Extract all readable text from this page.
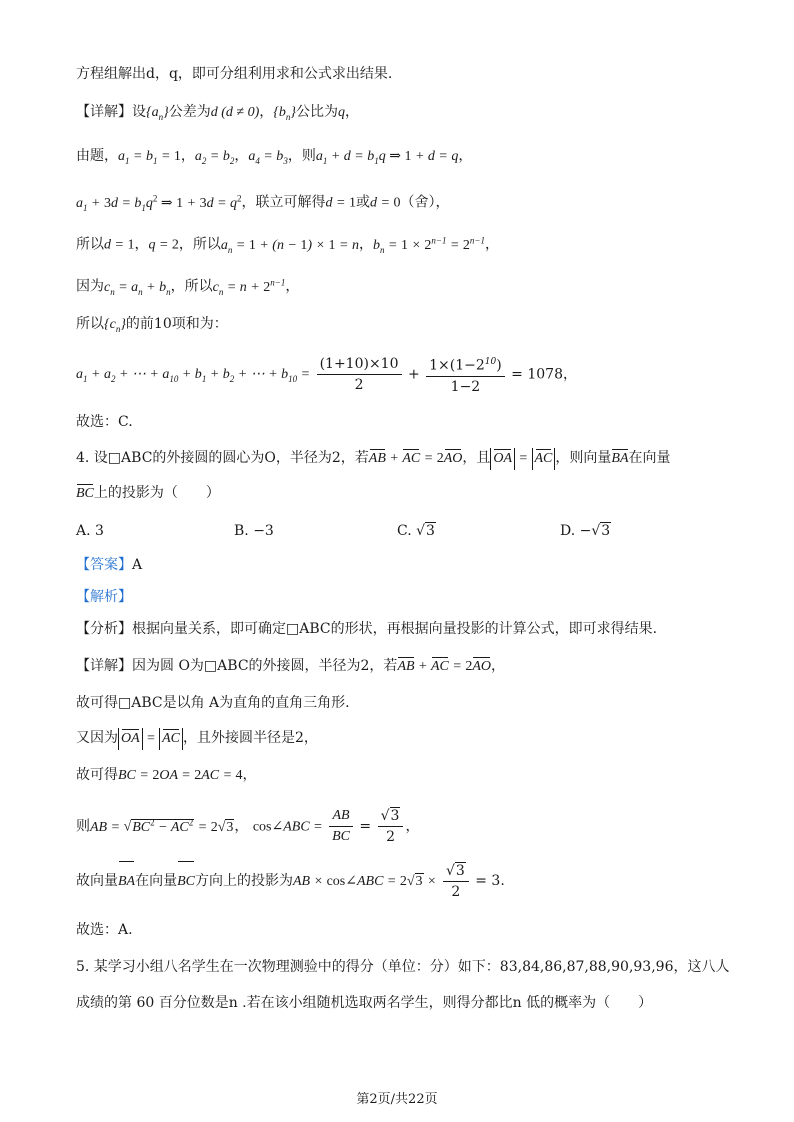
方程组解出d，q，即可分组利用求和公式求出结果.
【详解】设$\{a_n\}$公差为d (d ≠ 0)，$\{b_n\}$公比为q，
由题，$a_1 = b_1 = 1$，$a_2 = b_2$，$a_4 = b_3$，则$a_1 + d = b_1q$ ⇒ 1 + d = q，
$a_1 + 3d = b_1q^2$ ⇒ $1 + 3d = q^2$，联立可解得d = 1或d = 0（舍），
所以d = 1，q = 2，所以$a_n = 1 + (n - 1) \times 1 = n$，$b_n = 1 \times 2^{n-1} = 2^{n-1}$，
因为$c_n = a_n + b_n$，所以$c_n = n + 2^{n-1}$，
所以$\{c_n\}$的前10项和为：
$a_1 + a_2$ + ⋯ + $a_{10} + b_1 + b_2$ + ⋯ + $b_{10} = \frac{(1+10)\times 10}{2} + \frac{1\times(1-2^{10})}{1-2} = 1078$，
故选：C.
4. 设□ABC的外接圆的圆心为O，半径为2，若AB + AC = 2AO，且 OA = AC ，则向量BA在向量
BC上的投影为（　　）
A. 3	B. −3	C. √3	D. −√3
【答案】A
【解析】
【分析】根据向量关系，即可确定□ABC的形状，再根据向量投影的计算公式，即可求得结果.
【详解】因为圆 O为□ABC的外接圆，半径为2，若AB + AC = 2AO，
故可得□ABC是以角 A为直角的直角三角形.
又因为 OA = AC ，且外接圆半径是2，
故可得BC = 2OA = 2AC = 4，
则AB = $√BC^2 - AC^2 = 2√3$， cos∠ABC = $\frac{AB}{BC} = \frac{√3}{2}$ ，
故向量BA在向量BC方向上的投影为AB × cos∠ABC = $2√3 \times \frac{√3}{2} = 3$.
故选：A.
5. 某学习小组八名学生在一次物理测验中的得分（单位：分）如下：83,84,86,87,88,90,93,96，这八人
成绩的第 60 百分位数是n .若在该小组随机选取两名学生，则得分都比n 低的概率为（　　）
第2页/共22页
